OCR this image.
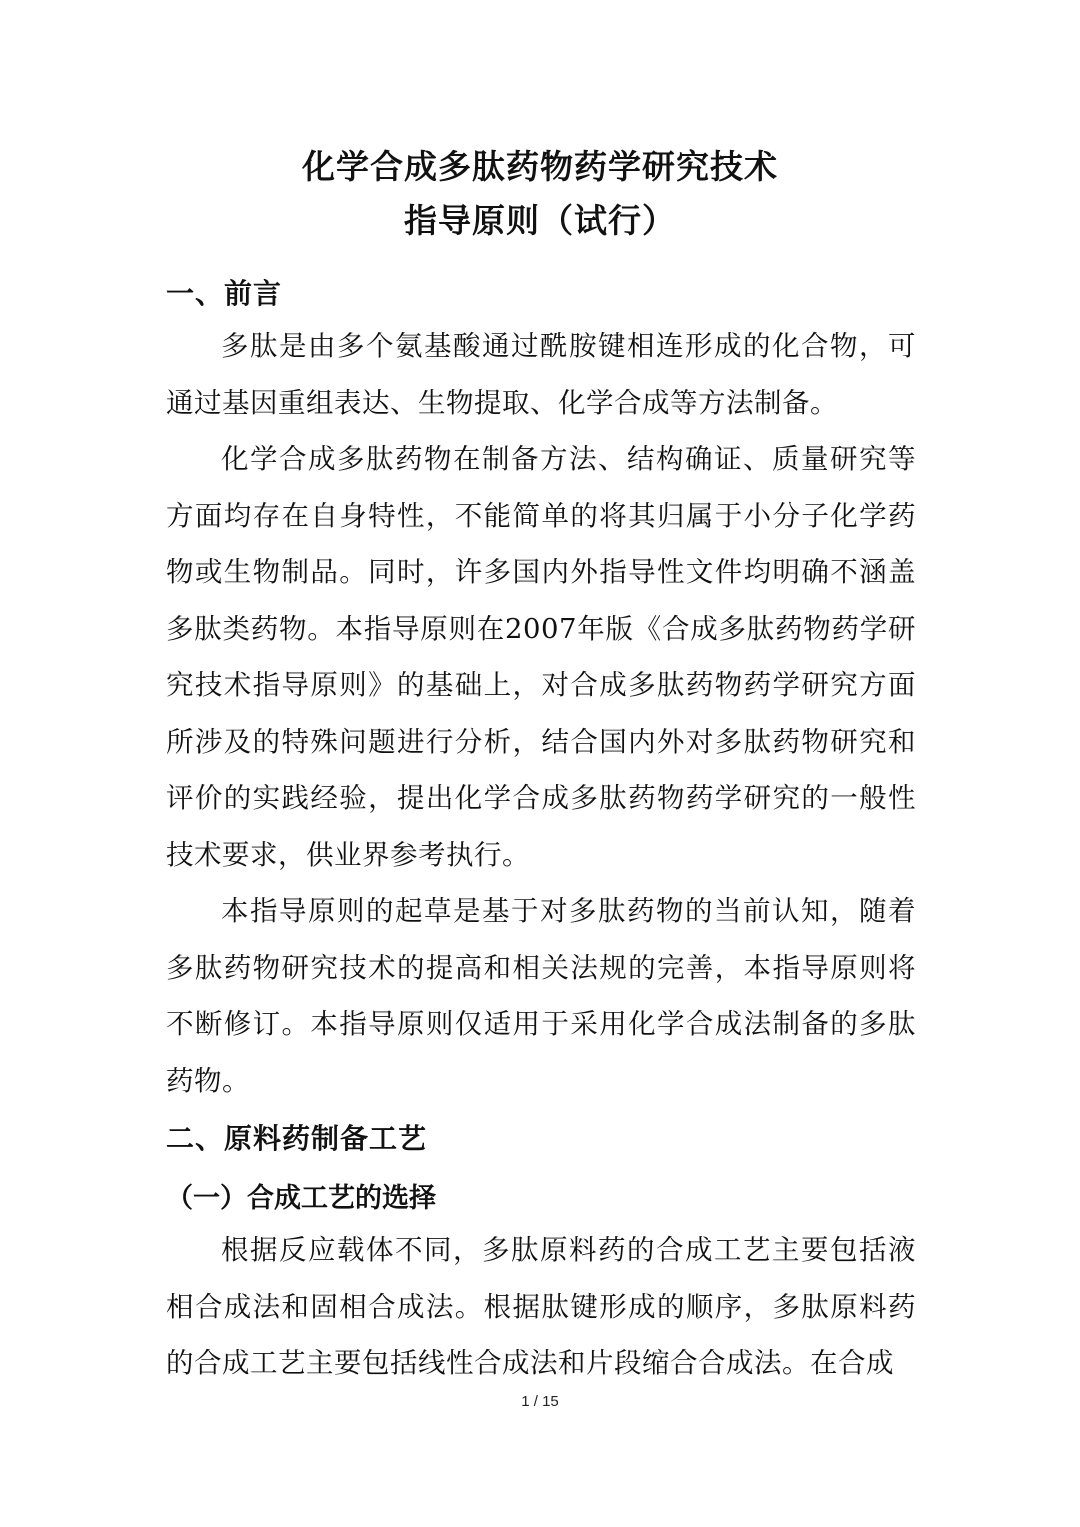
化学合成多肽药物药学研究技术
指导原则（试行）
一、前言

多肽是由多个氨基酸通过酰胺键相连形成的化合物，可通过基因重组表达、生物提取、化学合成等方法制备。

化学合成多肽药物在制备方法、结构确证、质量研究等方面均存在自身特性，不能简单的将其归属于小分子化学药物或生物制品。同时，许多国内外指导性文件均明确不涵盖多肽类药物。本指导原则在2007年版《合成多肽药物药学研究技术指导原则》的基础上，对合成多肽药物药学研究方面所涉及的特殊问题进行分析，结合国内外对多肽药物研究和评价的实践经验，提出化学合成多肽药物药学研究的一般性技术要求，供业界参考执行。

本指导原则的起草是基于对多肽药物的当前认知，随着多肽药物研究技术的提高和相关法规的完善，本指导原则将不断修订。本指导原则仅适用于采用化学合成法制备的多肽药物。

二、原料药制备工艺
（一）合成工艺的选择

根据反应载体不同，多肽原料药的合成工艺主要包括液相合成法和固相合成法。根据肽键形成的顺序，多肽原料药的合成工艺主要包括线性合成法和片段缩合合成法。在合成

1 / 15
